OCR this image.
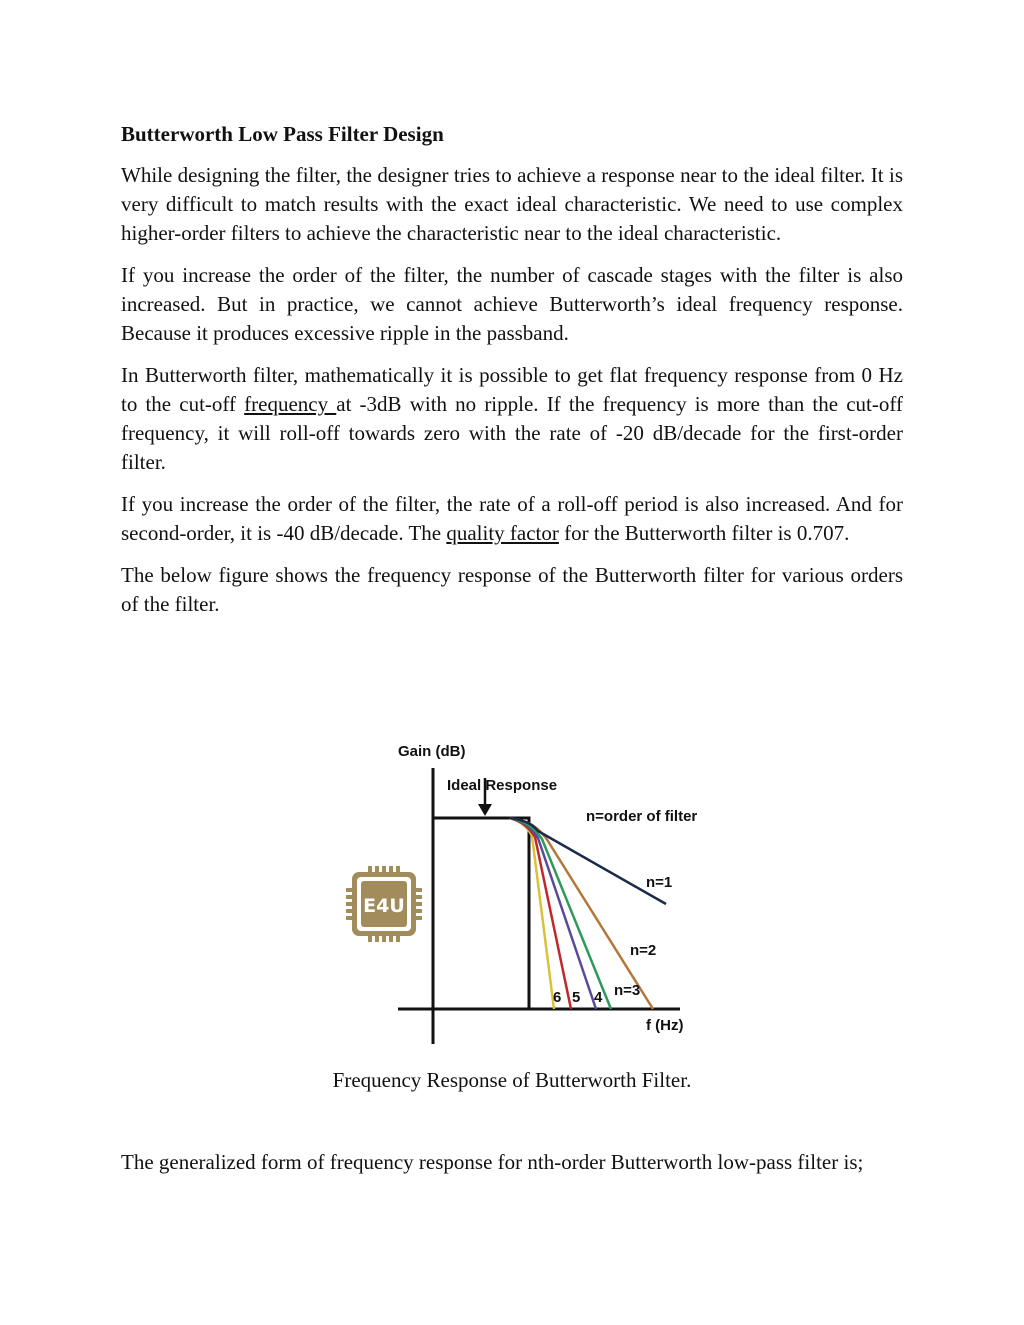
Butterworth Low Pass Filter Design

While designing the filter, the designer tries to achieve a response near to the ideal filter. It is very difficult to match results with the exact ideal characteristic. We need to use complex higher-order filters to achieve the characteristic near to the ideal characteristic.

If you increase the order of the filter, the number of cascade stages with the filter is also increased. But in practice, we cannot achieve Butterworth’s ideal frequency response. Because it produces excessive ripple in the passband.

In Butterworth filter, mathematically it is possible to get flat frequency response from 0 Hz to the cut-off frequency at -3dB with no ripple. If the frequency is more than the cut-off frequency, it will roll-off towards zero with the rate of -20 dB/decade for the first-order filter.

If you increase the order of the filter, the rate of a roll-off period is also increased. And for second-order, it is -40 dB/decade. The quality factor for the Butterworth filter is 0.707.

The below figure shows the frequency response of the Butterworth filter for various orders of the filter.

E4U
Gain (dB)
Ideal Response
n=order of filter
n=1
n=2
n=3
4
5
6
f (Hz)
Frequency Response of Butterworth Filter.

The generalized form of frequency response for nth-order Butterworth low-pass filter is;
